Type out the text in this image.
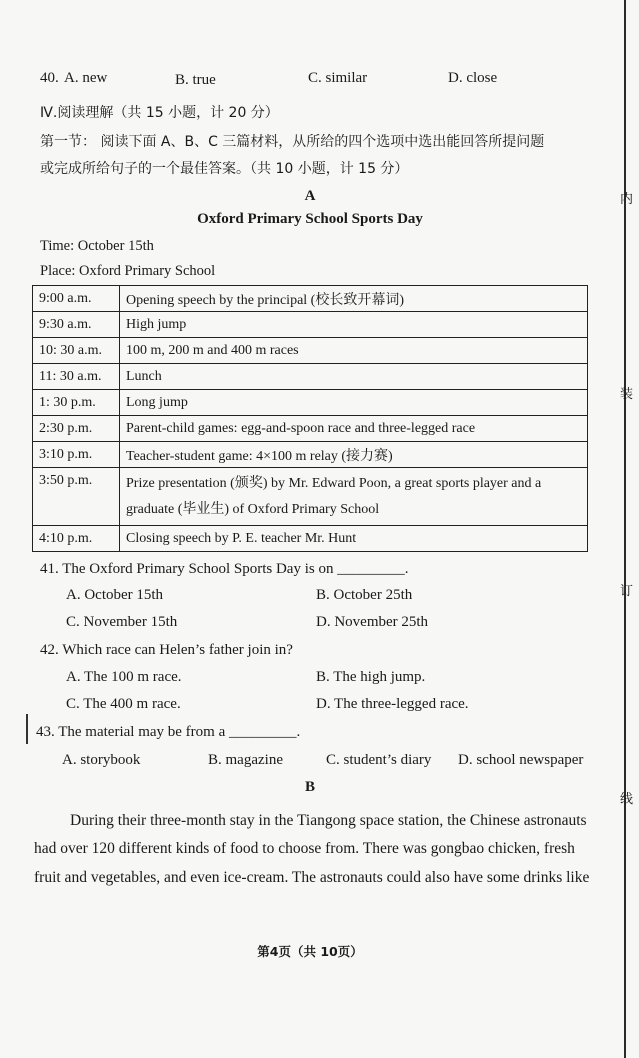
内
装
订
线
40. A. new	B. true	C. similar	D. close
Ⅳ.阅读理解（共 15 小题，计 20 分）
第一节： 阅读下面 A、B、C 三篇材料，从所给的四个选项中选出能回答所提问题
或完成所给句子的一个最佳答案。（共 10 小题，计 15 分）
A
Oxford Primary School Sports Day
Time: October 15th
Place: Oxford Primary School
9:00 a.m.	Opening speech by the principal (校长致开幕词)
9:30 a.m.	High jump
10: 30 a.m.	100 m, 200 m and 400 m races
11: 30 a.m.	Lunch
1: 30 p.m.	Long jump
2:30 p.m.	Parent-child games: egg-and-spoon race and three-legged race
3:10 p.m.	Teacher-student game: 4×100 m relay (接力赛)
3:50 p.m.	Prize presentation (颁奖) by Mr. Edward Poon, a great sports player and a graduate (毕业生) of Oxford Primary School
4:10 p.m.	Closing speech by P. E. teacher Mr. Hunt
41. The Oxford Primary School Sports Day is on _________.
A. October 15th	B. October 25th
C. November 15th	D. November 25th
42. Which race can Helen’s father join in?
A. The 100 m race.	B. The high jump.
C. The 400 m race.	D. The three-legged race.
43. The material may be from a _________.
A. storybook	B. magazine	C. student’s diary D. school newspaper
B
During their three-month stay in the Tiangong space station, the Chinese astronauts
had over 120 different kinds of food to choose from. There was gongbao chicken, fresh
fruit and vegetables, and even ice-cream. The astronauts could also have some drinks like
第4页（共 10页）
